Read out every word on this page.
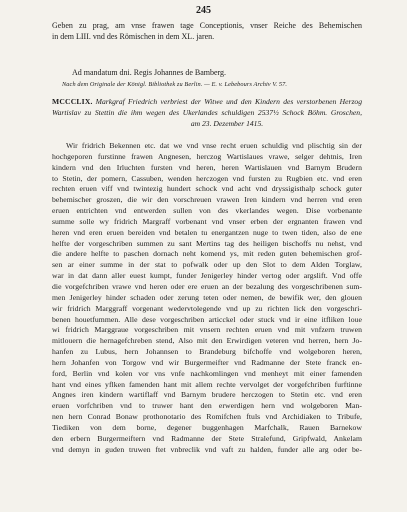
245
Geben zu prag, am vnse frawen tage Conceptionis, vnser Reiche des Behemischen
in dem LIII. vnd des Römischen in dem XL. jaren.
Ad mandatum dni. Regis Johannes de Bamberg.
Nach dem Originale der Königl. Bibliothek zu Berlin. — E. v. Lebebours Archiv V. 57.
MCCCLIX. Markgraf Friedrich verbriest der Witwe und den Kindern des verstorbenen Herzog
Wartislav zu Stettin die ihm wegen des Ukerlandes schuldigen 2537½ Schock Böhm. Groschen,
am 23. Dezember 1415.
Wir fridrich Bekennen etc. dat we vnd vnse recht eruen schuldig vnd plischtig sin der
hochgeporen furstinne frawen Angnesen, herczog Wartislaues vrawe, selger dehtnis, Iren
kindern vnd den Irluchten fursten vnd heren, heren Wartislauen vnd Barnym Brudern
to Stetin, der pomern, Cassuben, wenden herczogen vnd fursten zu Rugbien etc. vnd eren
rechten eruen viff vnd twintezig hundert schock vnd acht vnd dryssigisthalp schock guter
behemischer groszen, die wir den vorschreuen vrawen Iren kindern vnd herren vnd eren
eruen entrichten vnd entwerden sullen von des vkerlandes wegen. Dise vorbenante
summe solle wy fridrich Margraff vorbenant vnd vnser erben der ergnanten frawen vnd
heren vnd eren eruen bereiden vnd betalen tu energantzen nuge to twen tiden, also de ene
helfte der vorgeschriben summen zu sant Mertins tag des heiligen bischoffs nu nehst, vnd
die andere helfte to paschen dornach neht komend ys, mit reden guten behemischen grof-
sen ar einer summe in der stat to pofwalk oder up den Slot to dem Alden Torglaw,
war in dat dann aller euest kumpt, funder Jenigerley hinder vertog oder argslift. Vnd offe
die vorgefchriben vrawe vnd heren oder ere eruen an der bezalung des vorgeschribenen sum-
men Jenigerley hinder schaden oder zerung teten oder nemen, de bewifik wer, den glouen
wir fridrich Marggraff vorgenant wedervtolegende vnd up zu richten lick den vorgeschri-
benen houetfummen. Alle dese vorgeschriben articckel oder stuck vnd ir eine itfliken loue
wi fridrich Marggraue vorgeschriben mit vnsern rechten eruen vnd mit vnfzern truwen
mitlouern die hernagefchreben stend, Also mit den Erwirdigen veteren vnd herren, hern Jo-
hanfen zu Lubus, hern Johannsen to Brandeburg bifchoffe vnd wolgeboren heren,
hern Johanfen von Torgow vnd wir Burgermeifter vnd Radmanne der Stete franck en-
ford, Berlin vnd kolen vor vns vnfe nachkomlingen vnd menheyt mit einer famenden
hant vnd eines yflken famenden hant mit allem rechte vervolget der vorgefchriben furftinne
Angnes iren kindern wartiflaff vnd Barnym brudere herczogen to Stetin etc. vnd eren
eruen vorfchriben vnd to truwer hant den erwerdigen hern vnd wolgeboren Man-
nen hern Conrad Bonaw prothonotario des Romifchen ftuls vnd Archidiaken to Tribufe,
Tiediken von dem borne, degener buggenhagen Marfchalk, Rauen Barnekow
den erbern Burgermeiftern vnd Radmanne der Stete Stralefund, Gripfwald, Ankelam
vnd demyn in guden truwen ftet vnbreclik vnd vaft zu halden, funder alle arg oder be-
